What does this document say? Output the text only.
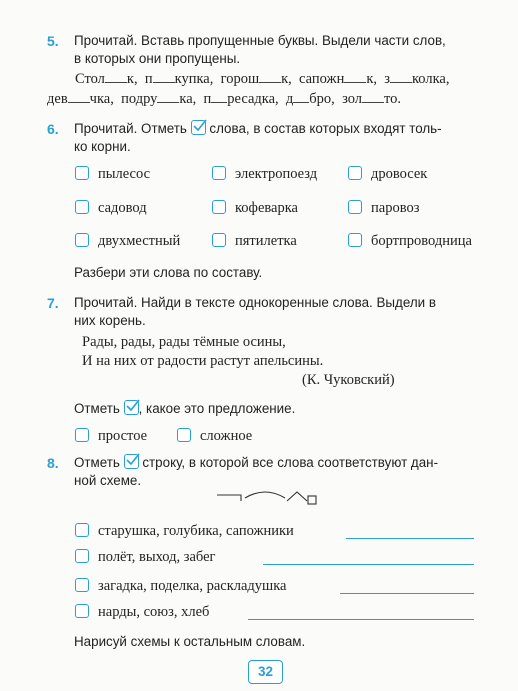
5. Прочитай. Вставь пропущенные буквы. Выдели части слов,
в которых они пропущены.
Стол к, п купка, горош к, сапожн к, з колка,
дев чка, подру ка, п ресадка, д бро, зол то.
6. Прочитай. Отметь слова, в состав которых входят толь-
ко корни.
пылесос	электропоезд	дровосек
садовод	кофеварка	паровоз
двухместный	пятилетка	бортпроводница
Разбери эти слова по составу.
7. Прочитай. Найди в тексте однокоренные слова. Выдели в
них корень.
Рады, рады, рады тёмные осины,
И на них от радости растут апельсины.
(К. Чуковский)
Отметь , какое это предложение.
простое	сложное
8. Отметь строку, в которой все слова соответствуют дан-
ной схеме.
старушка, голубика, сапожники
полёт, выход, забег
загадка, поделка, раскладушка
нарды, союз, хлеб
Нарисуй схемы к остальным словам.
32
